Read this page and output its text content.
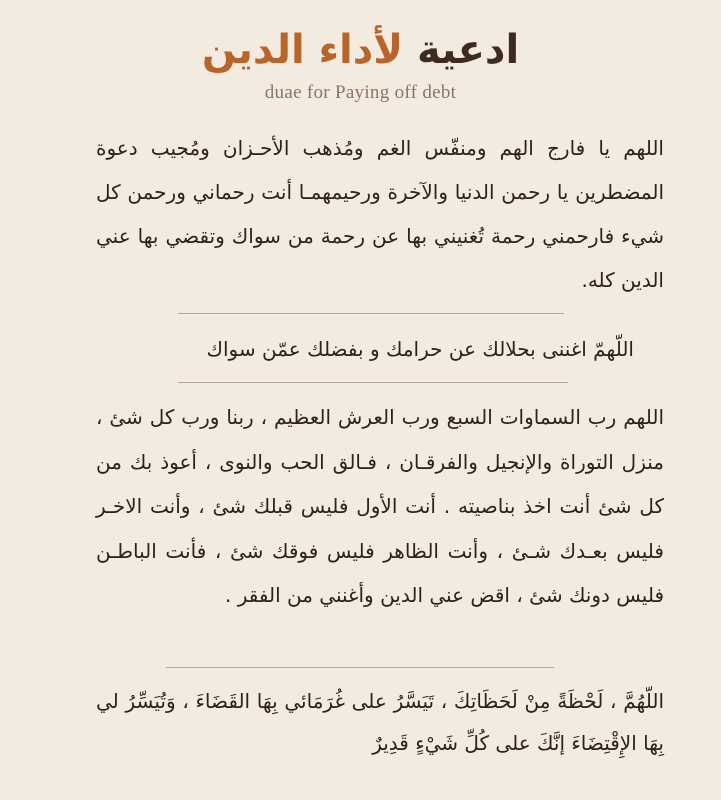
ادعية لأداء الدين
duae for Paying off debt
اللهم يا فارج الهم ومنفّس الغم ومُذهب الأحـزان ومُجيب دعوة المضطرين يا رحمن الدنيا والآخرة ورحيمهمـا أنت رحماني ورحمن كل شيء فارحمني رحمة تُغنيني بها عن رحمة من سواك وتقضي بها عني الدين كله.
اللّهمّ اغننى بحلالك عن حرامك و بفضلك عمّن سواك
اللهم رب السماوات السبع ورب العرش العظيم ، ربنا ورب كل شئ ، منزل التوراة والإنجيل والفرقـان ، فـالق الحب والنوى ، أعوذ بك من كل شئ أنت اخذ بناصيته . أنت الأول فليس قبلك شئ ، وأنت الاخـر فليس بعـدك شـئ ، وأنت الظاهر فليس فوقك شئ ، فأنت الباطـن فليس دونك شئ ، اقض عني الدين وأغنني من الفقر .
اللّهُمَّ ، لَحْظَةً مِنْ لَحَظَاتِكَ ، تَيَسَّرُ على غُرَمَائي بِهَا القَضَاءَ ، وَتُيَسِّرُ لي بِهَا الإِقْتِضَاءَ إنَّكَ على كُلِّ شَيْءٍ قَدِيرٌ
